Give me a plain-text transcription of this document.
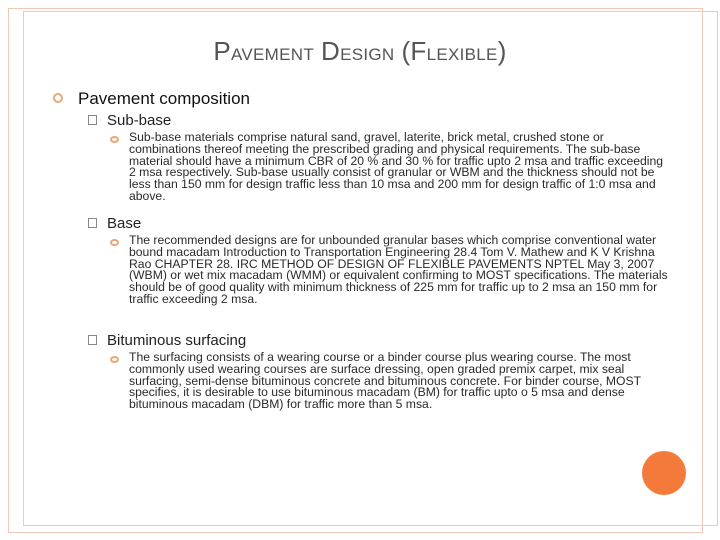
PAVEMENT DESIGN (FLEXIBLE)
Pavement composition
Sub-base
Sub-base materials comprise natural sand, gravel, laterite, brick metal, crushed stone or combinations thereof meeting the prescribed grading and physical requirements. The sub-base material should have a minimum CBR of 20 % and 30 % for traffic upto 2 msa and traffic exceeding 2 msa respectively. Sub-base usually consist of granular or WBM and the thickness should not be less than 150 mm for design traffic less than 10 msa and 200 mm for design traffic of 1:0 msa and above.
Base
The recommended designs are for unbounded granular bases which comprise conventional water bound macadam Introduction to Transportation Engineering 28.4 Tom V. Mathew and K V Krishna Rao CHAPTER 28. IRC METHOD OF DESIGN OF FLEXIBLE PAVEMENTS NPTEL May 3, 2007 (WBM) or wet mix macadam (WMM) or equivalent confirming to MOST specifications. The materials should be of good quality with minimum thickness of 225 mm for traffic up to 2 msa an 150 mm for traffic exceeding 2 msa.
Bituminous surfacing
The surfacing consists of a wearing course or a binder course plus wearing course. The most commonly used wearing courses are surface dressing, open graded premix carpet, mix seal surfacing, semi-dense bituminous concrete and bituminous concrete. For binder course, MOST specifies, it is desirable to use bituminous macadam (BM) for traffic upto o 5 msa and dense bituminous macadam (DBM) for traffic more than 5 msa.
